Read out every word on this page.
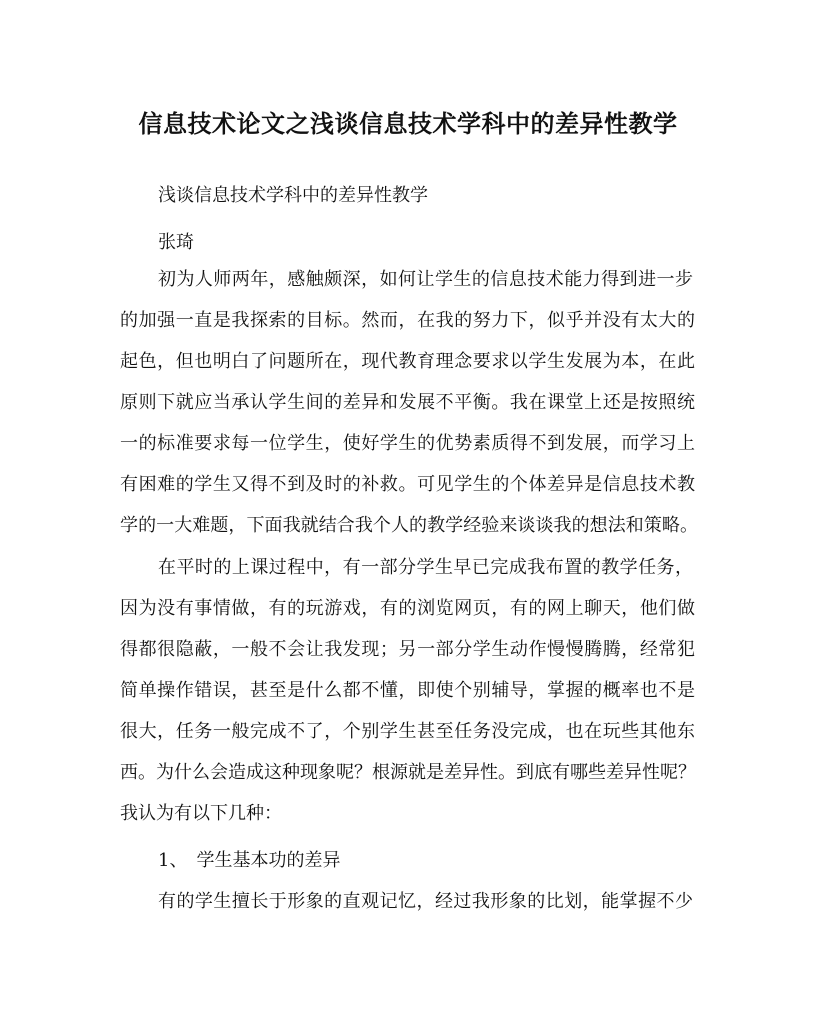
信息技术论文之浅谈信息技术学科中的差异性教学
浅谈信息技术学科中的差异性教学
张琦
初为人师两年，感触颇深，如何让学生的信息技术能力得到进一步
的加强一直是我探索的目标。然而，在我的努力下，似乎并没有太大的
起色，但也明白了问题所在，现代教育理念要求以学生发展为本，在此
原则下就应当承认学生间的差异和发展不平衡。我在课堂上还是按照统
一的标准要求每一位学生，使好学生的优势素质得不到发展，而学习上
有困难的学生又得不到及时的补救。可见学生的个体差异是信息技术教
学的一大难题，下面我就结合我个人的教学经验来谈谈我的想法和策略。
在平时的上课过程中，有一部分学生早已完成我布置的教学任务，
因为没有事情做，有的玩游戏，有的浏览网页，有的网上聊天，他们做
得都很隐蔽，一般不会让我发现；另一部分学生动作慢慢腾腾，经常犯
简单操作错误，甚至是什么都不懂，即使个别辅导，掌握的概率也不是
很大，任务一般完成不了，个别学生甚至任务没完成，也在玩些其他东
西。为什么会造成这种现象呢？根源就是差异性。到底有哪些差异性呢？
我认为有以下几种：
1、　学生基本功的差异
有的学生擅长于形象的直观记忆，经过我形象的比划，能掌握不少
